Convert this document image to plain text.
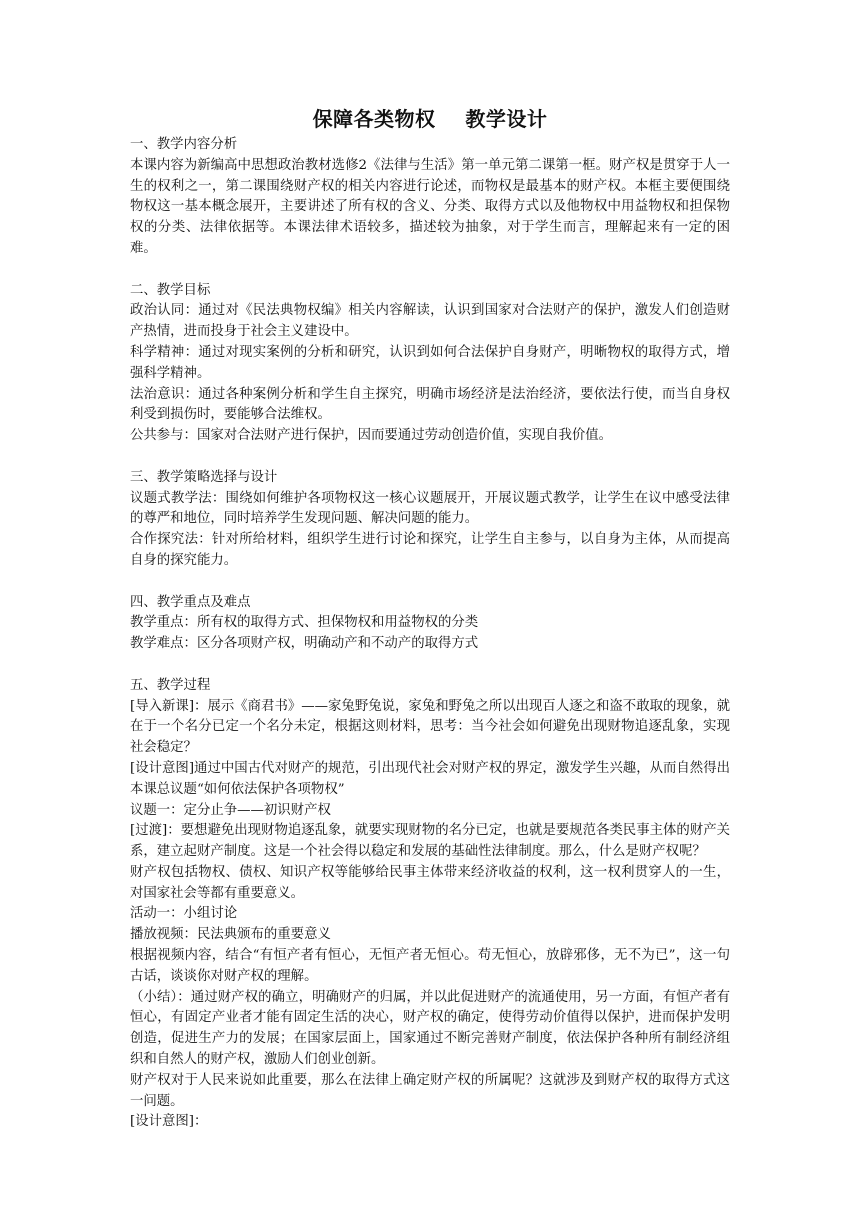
保障各类物权    教学设计

一、教学内容分析

本课内容为新编高中思想政治教材选修2《法律与生活》第一单元第二课第一框。财产权是贯穿于人一生的权利之一，第二课围绕财产权的相关内容进行论述，而物权是最基本的财产权。本框主要便围绕物权这一基本概念展开，主要讲述了所有权的含义、分类、取得方式以及他物权中用益物权和担保物权的分类、法律依据等。本课法律术语较多，描述较为抽象，对于学生而言，理解起来有一定的困难。

二、教学目标

政治认同：通过对《民法典物权编》相关内容解读，认识到国家对合法财产的保护，激发人们创造财产热情，进而投身于社会主义建设中。

科学精神：通过对现实案例的分析和研究，认识到如何合法保护自身财产，明晰物权的取得方式，增强科学精神。

法治意识：通过各种案例分析和学生自主探究，明确市场经济是法治经济，要依法行使，而当自身权利受到损伤时，要能够合法维权。

公共参与：国家对合法财产进行保护，因而要通过劳动创造价值，实现自我价值。

三、教学策略选择与设计

议题式教学法：围绕如何维护各项物权这一核心议题展开，开展议题式教学，让学生在议中感受法律的尊严和地位，同时培养学生发现问题、解决问题的能力。

合作探究法：针对所给材料，组织学生进行讨论和探究，让学生自主参与，以自身为主体，从而提高自身的探究能力。

四、教学重点及难点

教学重点：所有权的取得方式、担保物权和用益物权的分类

教学难点：区分各项财产权，明确动产和不动产的取得方式

五、教学过程

[导入新课]：展示《商君书》——家兔野兔说，家兔和野兔之所以出现百人逐之和盗不敢取的现象，就在于一个名分已定一个名分未定，根据这则材料，思考：当今社会如何避免出现财物追逐乱象，实现社会稳定？

[设计意图]通过中国古代对财产的规范，引出现代社会对财产权的界定，激发学生兴趣，从而自然得出本课总议题“如何依法保护各项物权”

议题一：定分止争——初识财产权

[过渡]：要想避免出现财物追逐乱象，就要实现财物的名分已定，也就是要规范各类民事主体的财产关系，建立起财产制度。这是一个社会得以稳定和发展的基础性法律制度。那么，什么是财产权呢？

财产权包括物权、债权、知识产权等能够给民事主体带来经济收益的权利，这一权利贯穿人的一生，对国家社会等都有重要意义。

活动一：小组讨论

播放视频：民法典颁布的重要意义

根据视频内容，结合“有恒产者有恒心，无恒产者无恒心。苟无恒心，放辟邪侈，无不为已”，这一句古话，谈谈你对财产权的理解。

（小结）：通过财产权的确立，明确财产的归属，并以此促进财产的流通使用，另一方面，有恒产者有恒心，有固定产业者才能有固定生活的决心，财产权的确定，使得劳动价值得以保护，进而保护发明创造，促进生产力的发展；在国家层面上，国家通过不断完善财产制度，依法保护各种所有制经济组织和自然人的财产权，激励人们创业创新。

财产权对于人民来说如此重要，那么在法律上确定财产权的所属呢？这就涉及到财产权的取得方式这一问题。

[设计意图]：
